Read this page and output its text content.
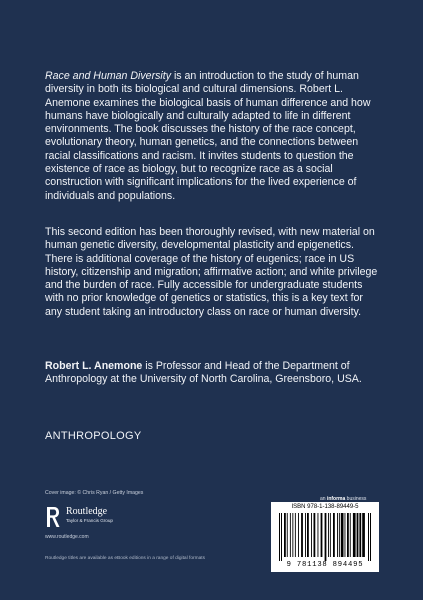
Race and Human Diversity is an introduction to the study of human diversity in both its biological and cultural dimensions. Robert L. Anemone examines the biological basis of human difference and how humans have biologically and culturally adapted to life in different environments. The book discusses the history of the race concept, evolutionary theory, human genetics, and the connections between racial classifications and racism. It invites students to question the existence of race as biology, but to recognize race as a social construction with significant implications for the lived experience of individuals and populations.

This second edition has been thoroughly revised, with new material on human genetic diversity, developmental plasticity and epigenetics. There is additional coverage of the history of eugenics; race in US history, citizenship and migration; affirmative action; and white privilege and the burden of race. Fully accessible for undergraduate students with no prior knowledge of genetics or statistics, this is a key text for any student taking an introductory class on race or human diversity.

Robert L. Anemone is Professor and Head of the Department of Anthropology at the University of North Carolina, Greensboro, USA.

ANTHROPOLOGY
Cover image: © Chris Ryan / Getty Images
Routledge
Taylor & Francis Group
www.routledge.com
an informa business
ISBN 978-1-138-89449-5
9 781138 894495
Routledge titles are available as eBook editions in a range of digital formats
